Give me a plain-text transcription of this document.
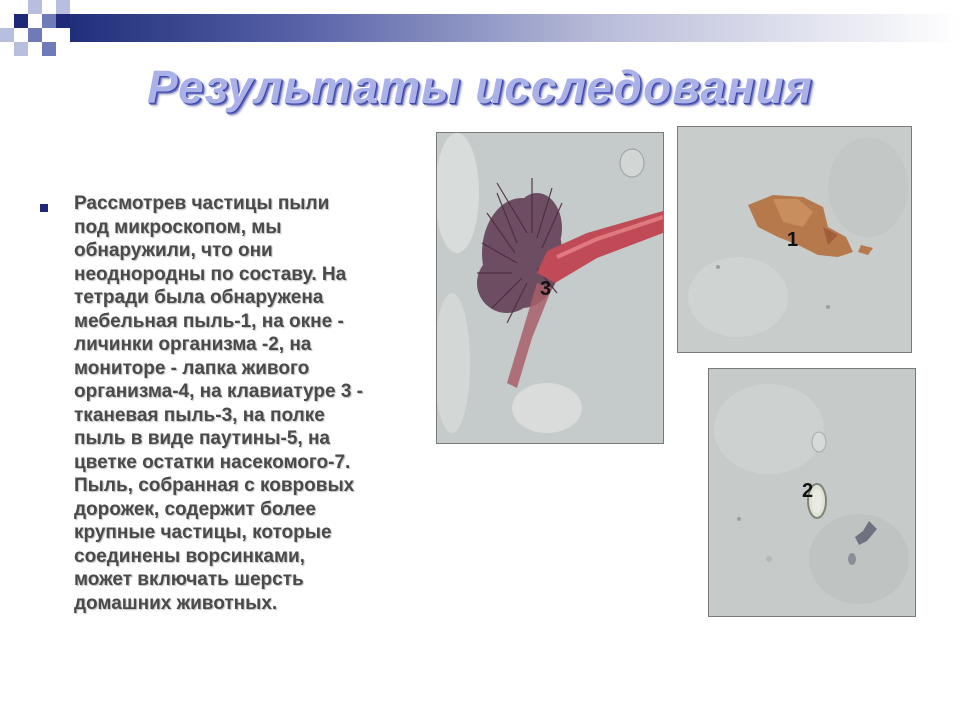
Результаты исследования

Рассмотрев частицы пыли
под микроскопом, мы
обнаружили, что они
неоднородны по составу. На
тетради была обнаружена
мебельная пыль-1, на окне -
личинки организма -2, на
мониторе - лапка живого
организма-4, на клавиатуре 3 -
тканевая пыль-3, на полке
пыль в виде паутины-5, на
цветке остатки насекомого-7.
Пыль, собранная с ковровых
дорожек, содержит более
крупные частицы, которые
соединены ворсинками,
может включать шерсть
домашних животных.

3
1
2
